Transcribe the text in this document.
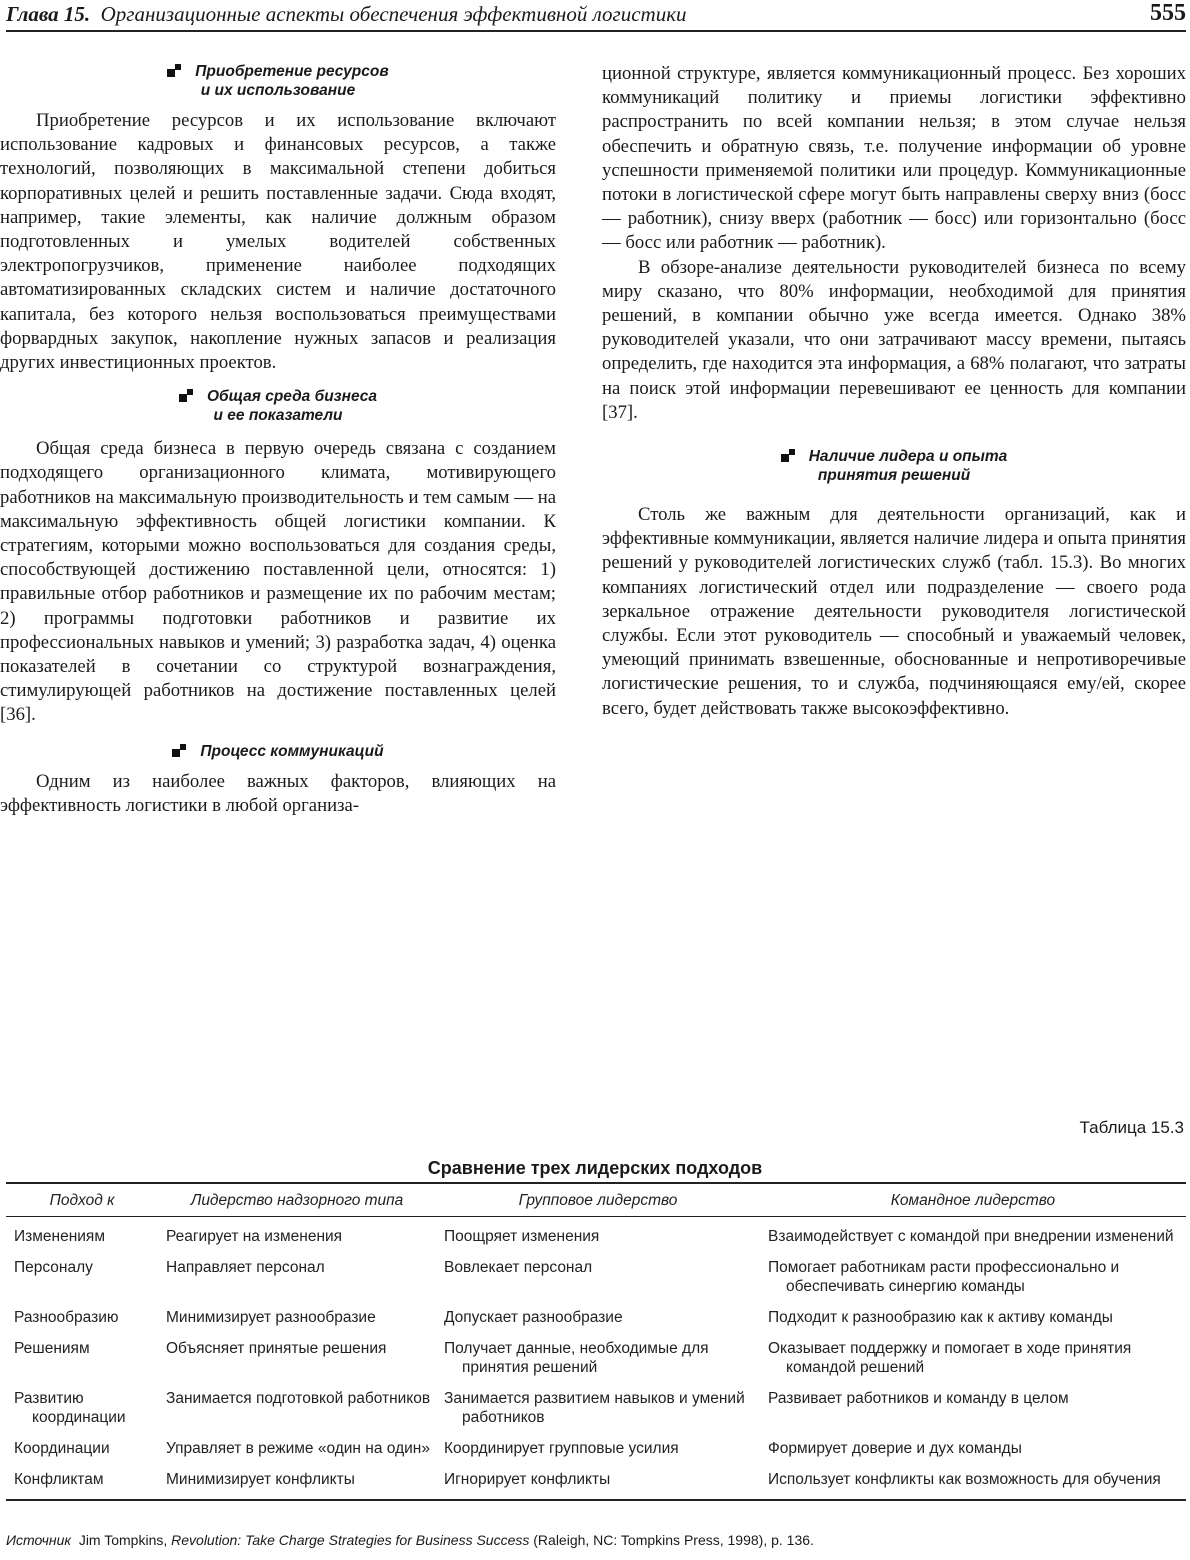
Глава 15. Организационные аспекты обеспечения эффективной логистики	555
Приобретение ресурсов
и их использование

Приобретение ресурсов и их использование включают использование кадровых и финансовых ресурсов, а также технологий, позволяющих в максимальной степени добиться корпоративных целей и решить поставленные задачи. Сюда входят, например, такие элементы, как наличие должным образом подготовленных и умелых водителей собственных электропогрузчиков, применение наиболее подходящих автоматизированных складских систем и наличие достаточного капитала, без которого нельзя воспользоваться преимуществами форвардных закупок, накопление нужных запасов и реализация других инвестиционных проектов.

Общая среда бизнеса
и ее показатели

Общая среда бизнеса в первую очередь связана с созданием подходящего организационного климата, мотивирующего работников на максимальную производительность и тем самым — на максимальную эффективность общей логистики компании. К стратегиям, которыми можно воспользоваться для создания среды, способствующей достижению поставленной цели, относятся: 1) правильные отбор работников и размещение их по рабочим местам; 2) программы подготовки работников и развитие их профессиональных навыков и умений; 3) разработка задач, 4) оценка показателей в сочетании со структурой вознаграждения, стимулирующей работников на достижение поставленных целей [36].

Процесс коммуникаций

Одним из наиболее важных факторов, влияющих на эффективность логистики в любой организа-

ционной структуре, является коммуникационный процесс. Без хороших коммуникаций политику и приемы логистики эффективно распространить по всей компании нельзя; в этом случае нельзя обеспечить и обратную связь, т.е. получение информации об уровне успешности применяемой политики или процедур. Коммуникационные потоки в логистической сфере могут быть направлены сверху вниз (босс — работник), снизу вверх (работник — босс) или горизонтально (босс — босс или работник — работник).

В обзоре-анализе деятельности руководителей бизнеса по всему миру сказано, что 80% информации, необходимой для принятия решений, в компании обычно уже всегда имеется. Однако 38% руководителей указали, что они затрачивают массу времени, пытаясь определить, где находится эта информация, а 68% полагают, что затраты на поиск этой информации перевешивают ее ценность для компании [37].

Наличие лидера и опыта
принятия решений

Столь же важным для деятельности организаций, как и эффективные коммуникации, является наличие лидера и опыта принятия решений у руководителей логистических служб (табл. 15.3). Во многих компаниях логистический отдел или подразделение — своего рода зеркальное отражение деятельности руководителя логистической службы. Если этот руководитель — способный и уважаемый человек, умеющий принимать взвешенные, обоснованные и непротиворечивые логистические решения, то и служба, подчиняющаяся ему/ей, скорее всего, будет действовать также высокоэффективно.

Таблица 15.3
Сравнение трех лидерских подходов
Подход к	Лидерство надзорного типа	Групповое лидерство	Командное лидерство

Изменениям	Реагирует на изменения	Поощряет изменения	Взаимодействует с командой при внедрении изменений

Персоналу	Направляет персонал	Вовлекает персонал	Помогает работникам расти профессионально и обеспечивать синергию команды

Разнообразию	Минимизирует разнообразие	Допускает разнообразие	Подходит к разнообразию как к активу команды

Решениям	Объясняет принятые решения	Получает данные, необходимые для принятия решений	Оказывает поддержку и помогает в ходе принятия командой решений

Развитию координации	Занимается подготовкой работников	Занимается развитием навыков и умений работников	Развивает работников и команду в целом

Координации	Управляет в режиме «один на один»	Координирует групповые усилия	Формирует доверие и дух команды

Конфликтам	Минимизирует конфликты	Игнорирует конфликты	Использует конфликты как возможность для обучения
Источник Jim Tompkins, Revolution: Take Charge Strategies for Business Success (Raleigh, NC: Tompkins Press, 1998), p. 136.
